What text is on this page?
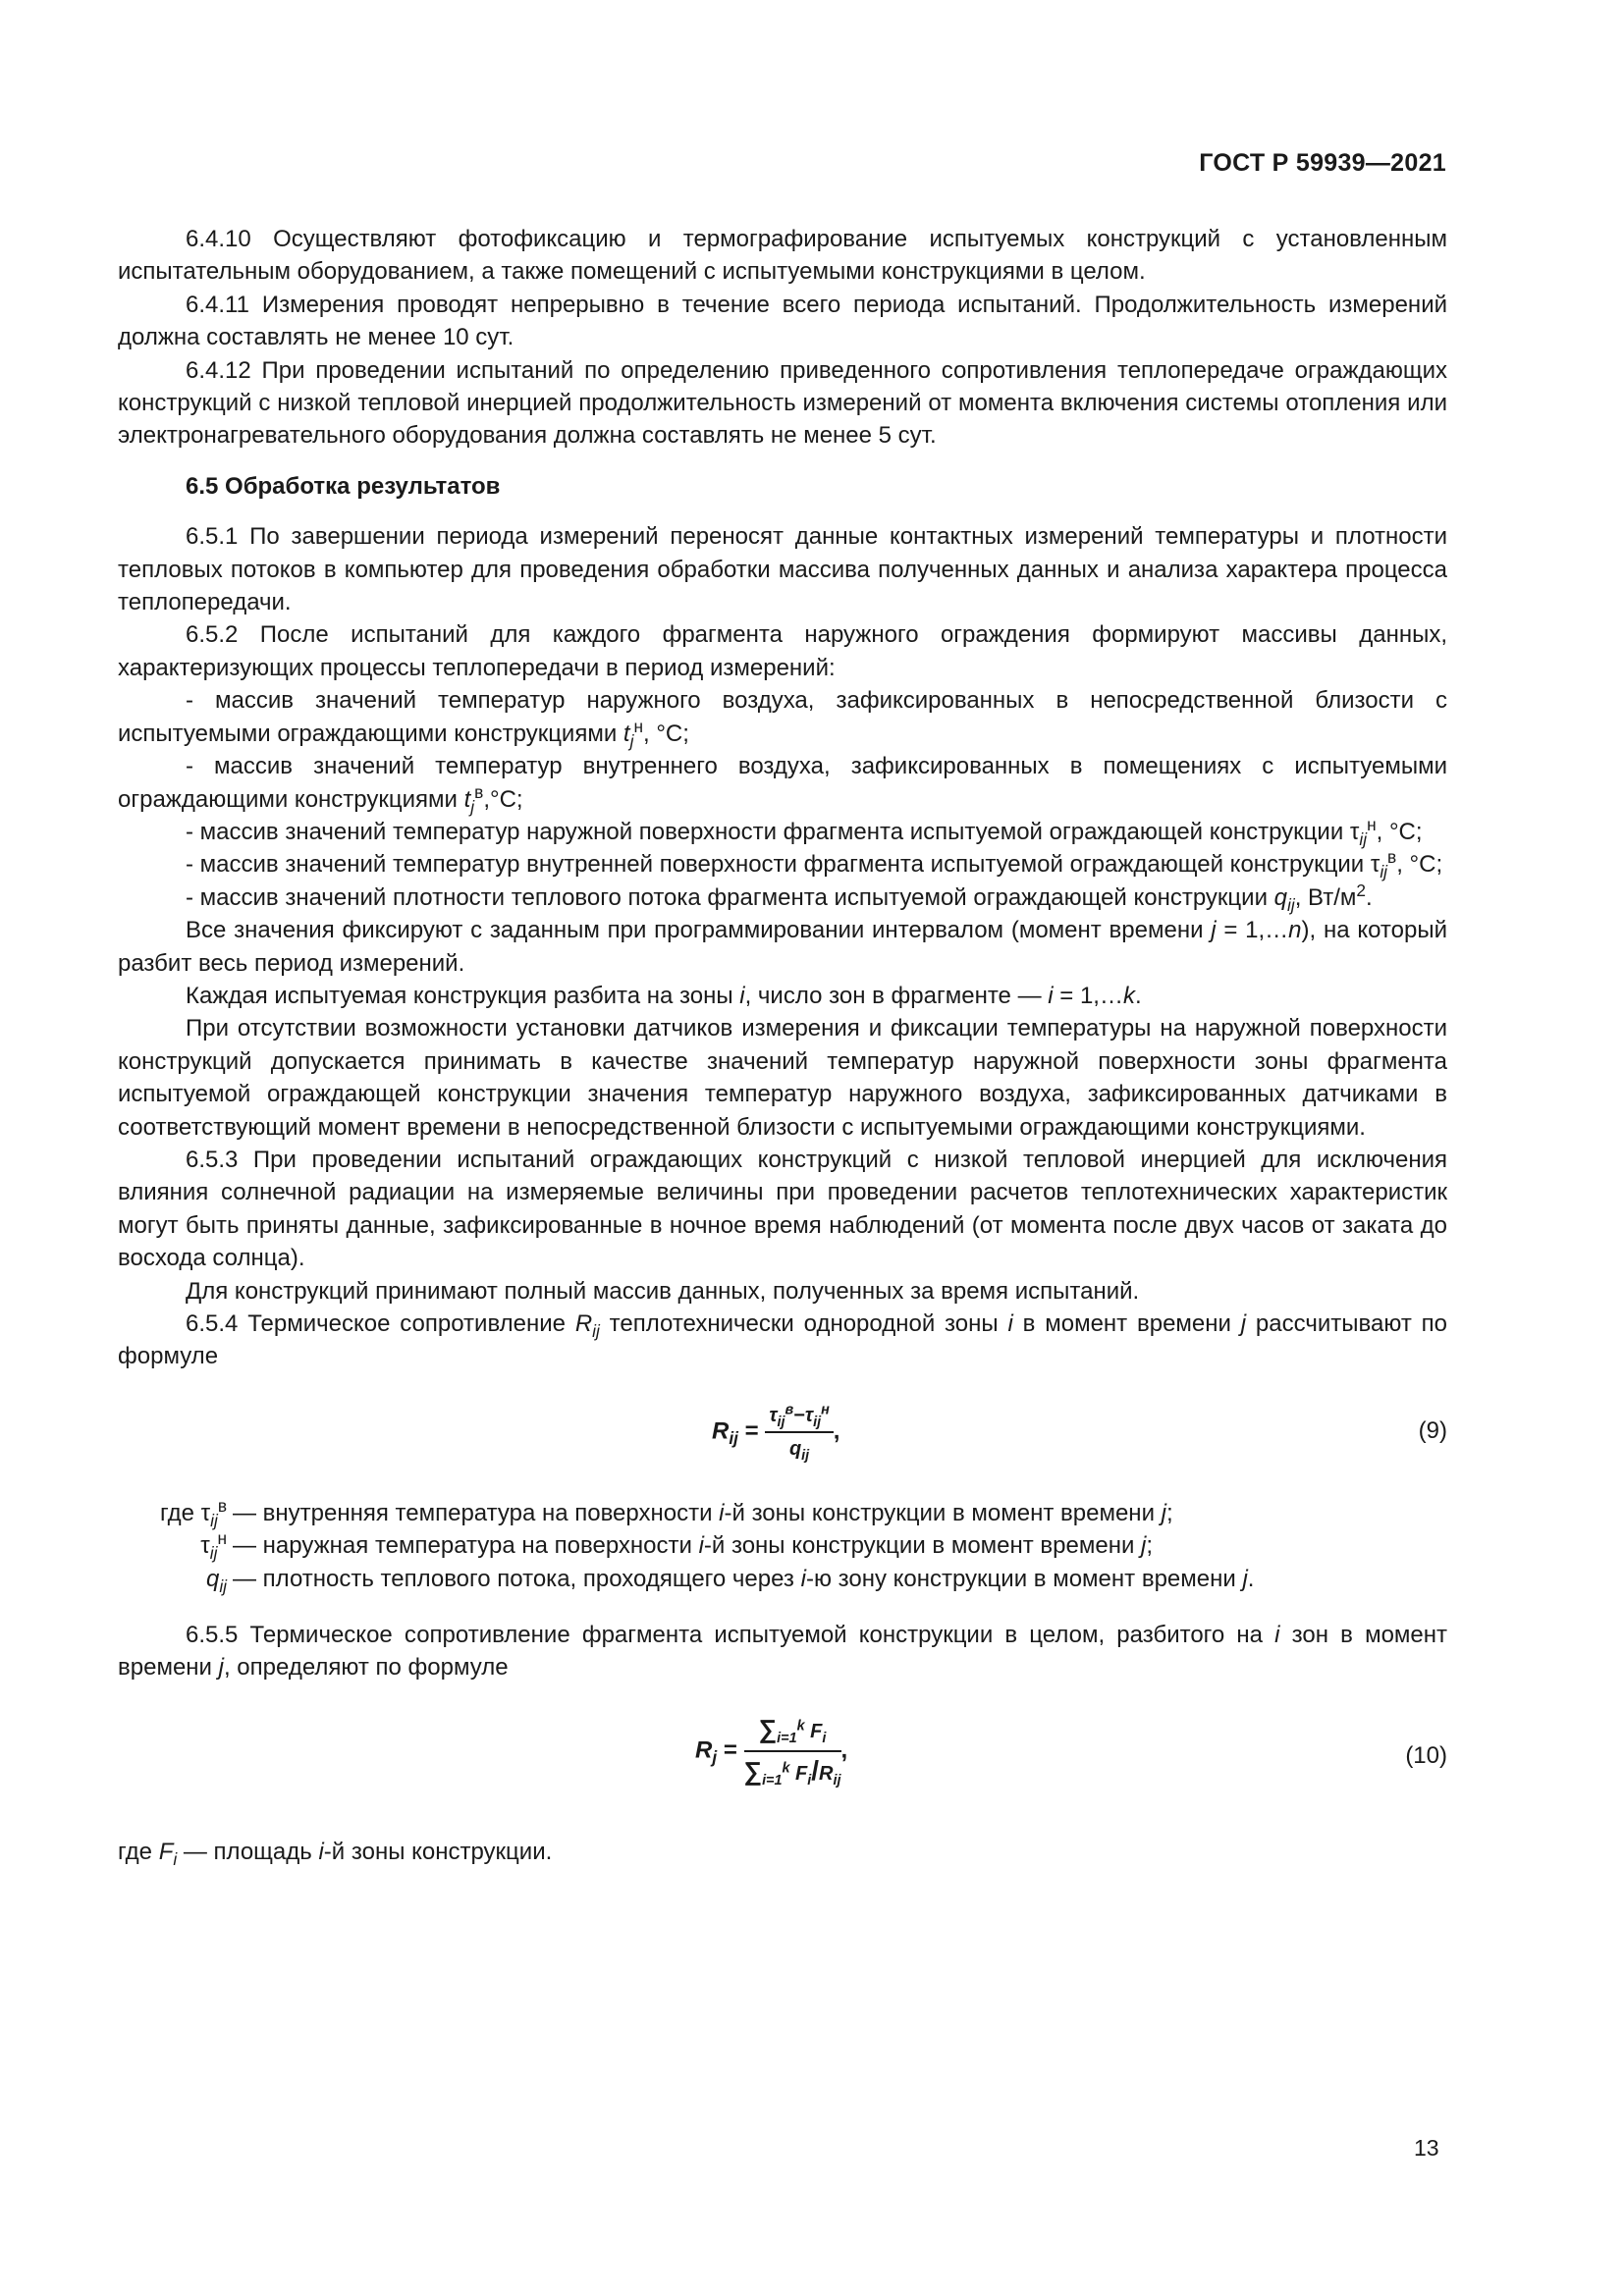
ГОСТ Р 59939—2021

6.4.10 Осуществляют фотофиксацию и термографирование испытуемых конструкций с установленным испытательным оборудованием, а также помещений с испытуемыми конструкциями в целом.

6.4.11 Измерения проводят непрерывно в течение всего периода испытаний. Продолжительность измерений должна составлять не менее 10 сут.

6.4.12 При проведении испытаний по определению приведенного сопротивления теплопередаче ограждающих конструкций с низкой тепловой инерцией продолжительность измерений от момента включения системы отопления или электронагревательного оборудования должна составлять не менее 5 сут.

6.5 Обработка результатов

6.5.1 По завершении периода измерений переносят данные контактных измерений температуры и плотности тепловых потоков в компьютер для проведения обработки массива полученных данных и анализа характера процесса теплопередачи.

6.5.2 После испытаний для каждого фрагмента наружного ограждения формируют массивы данных, характеризующих процессы теплопередачи в период измерений:

- массив значений температур наружного воздуха, зафиксированных в непосредственной близости с испытуемыми ограждающими конструкциями $t_j^н$, °C;

- массив значений температур внутреннего воздуха, зафиксированных в помещениях с испытуемыми ограждающими конструкциями $t_j^в,^\circ C$;

- массив значений температур наружной поверхности фрагмента испытуемой ограждающей конструкции $\tau_{ij}^н$, °C;

- массив значений температур внутренней поверхности фрагмента испытуемой ограждающей конструкции $\tau_{ij}^в$, °C;

- массив значений плотности теплового потока фрагмента испытуемой ограждающей конструкции $q_{ij}$, $Вт/м^2$.

Все значения фиксируют с заданным при программировании интервалом (момент времени j = 1,…n), на который разбит весь период измерений.

Каждая испытуемая конструкция разбита на зоны i, число зон в фрагменте — i = 1,…k.

При отсутствии возможности установки датчиков измерения и фиксации температуры на наружной поверхности конструкций допускается принимать в качестве значений температур наружной поверхности зоны фрагмента испытуемой ограждающей конструкции значения температур наружного воздуха, зафиксированных датчиками в соответствующий момент времени в непосредственной близости с испытуемыми ограждающими конструкциями.

6.5.3 При проведении испытаний ограждающих конструкций с низкой тепловой инерцией для исключения влияния солнечной радиации на измеряемые величины при проведении расчетов теплотехнических характеристик могут быть приняты данные, зафиксированные в ночное время наблюдений (от момента после двух часов от заката до восхода солнца).

Для конструкций принимают полный массив данных, полученных за время испытаний.

6.5.4 Термическое сопротивление $R_{ij}$ теплотехнически однородной зоны i в момент времени j рассчитывают по формуле

$R_{ij} = \frac{\tau_{ij}^в-\tau_{ij}^н}{q_{ij}}$ ,	(9)
где $\tau_{ij}^в$ — внутренняя температура на поверхности i-й зоны конструкции в момент времени j;
$\tau_{ij}^н$ — наружная температура на поверхности i-й зоны конструкции в момент времени j;
$q_{ij}$ — плотность теплового потока, проходящего через i-ю зону конструкции в момент времени j.

6.5.5 Термическое сопротивление фрагмента испытуемой конструкции в целом, разбитого на i зон в момент времени j, определяют по формуле

$R_j = \frac{\sum_{i=1}^k F_i}{\sum_{i=1}^k F_i/R_{ij}}$ ,	(10)

где $F_i$ — площадь i-й зоны конструкции.

13
